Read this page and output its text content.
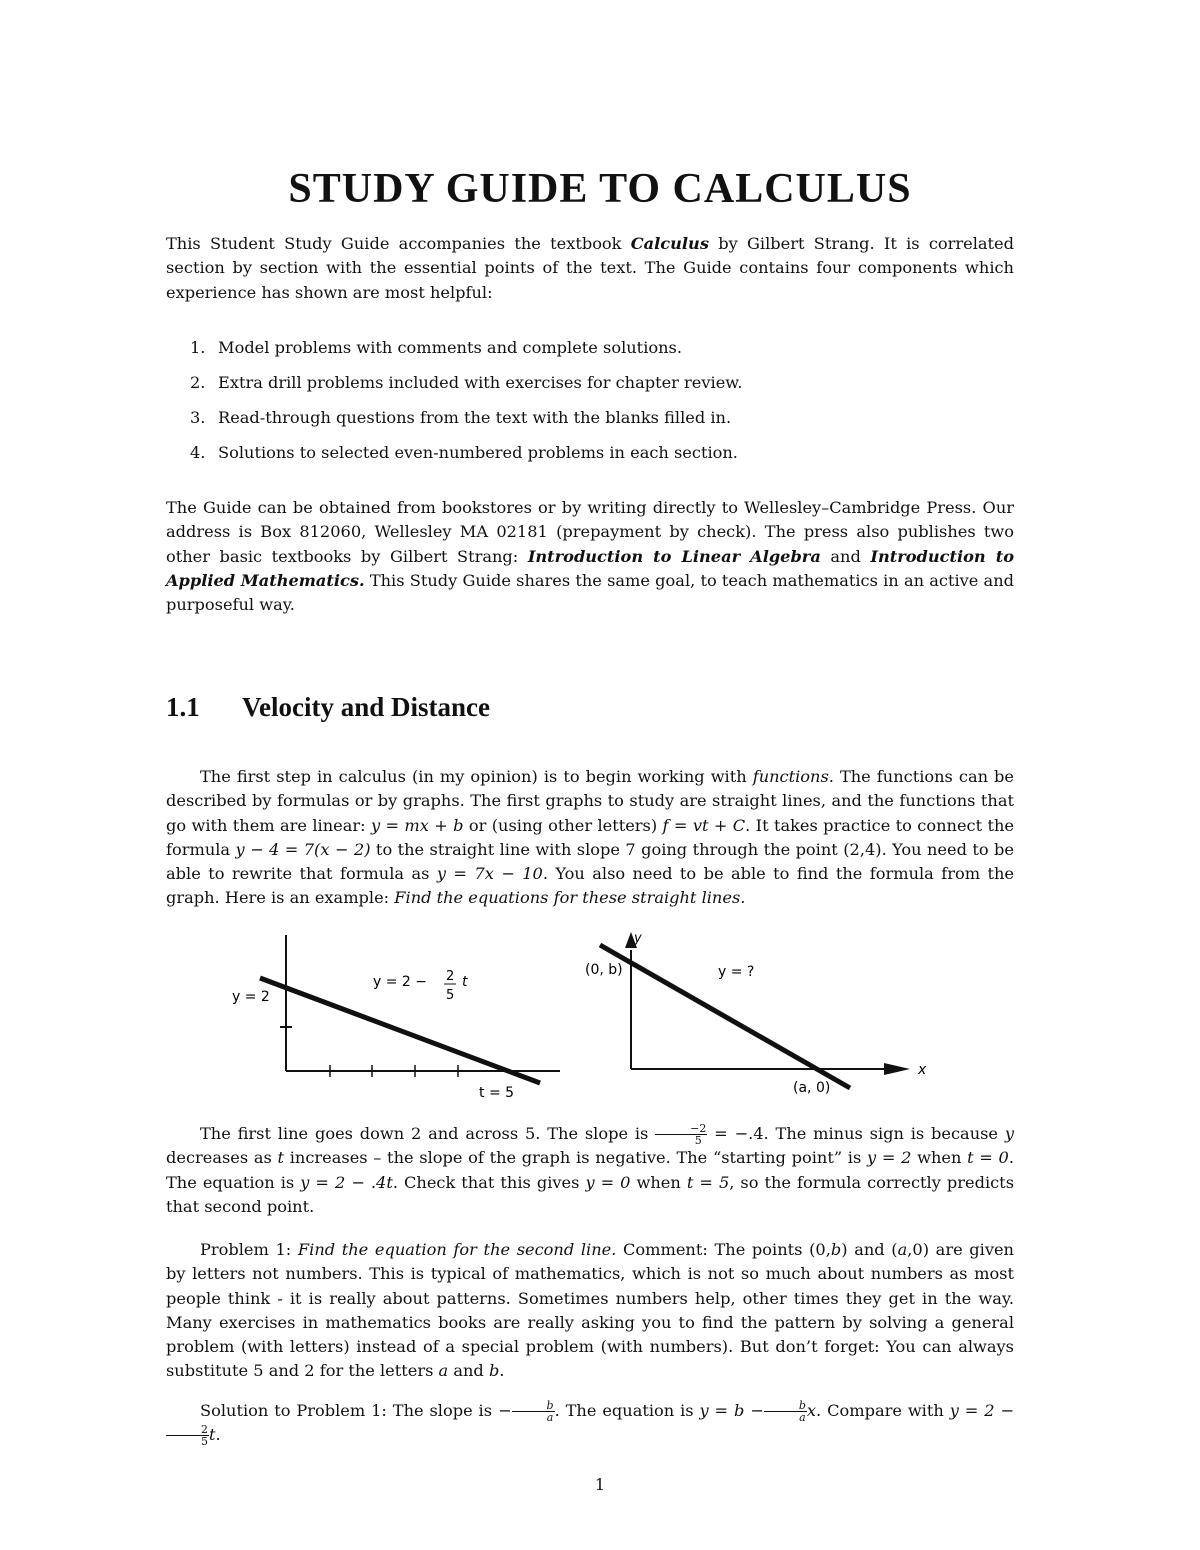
STUDY GUIDE TO CALCULUS

This Student Study Guide accompanies the textbook Calculus by Gilbert Strang. It is correlated section by section with the essential points of the text. The Guide contains four components which experience has shown are most helpful:

1. Model problems with comments and complete solutions.
2. Extra drill problems included with exercises for chapter review.
3. Read-through questions from the text with the blanks filled in.
4. Solutions to selected even-numbered problems in each section.

The Guide can be obtained from bookstores or by writing directly to Wellesley–Cambridge Press. Our address is Box 812060, Wellesley MA 02181 (prepayment by check). The press also publishes two other basic textbooks by Gilbert Strang: Introduction to Linear Algebra and Introduction to Applied Mathematics. This Study Guide shares the same goal, to teach mathematics in an active and purposeful way.

1.1 Velocity and Distance

The first step in calculus (in my opinion) is to begin working with functions. The functions can be described by formulas or by graphs. The first graphs to study are straight lines, and the functions that go with them are linear: y = mx + b or (using other letters) f = vt + C. It takes practice to connect the formula y − 4 = 7(x − 2) to the straight line with slope 7 going through the point (2,4). You need to be able to rewrite that formula as y = 7x − 10. You also need to be able to find the formula from the graph. Here is an example: Find the equations for these straight lines.

y = 2
y = 2 − 2
5
t
t = 5
y
(0, b)	y = ?
(a, 0)
x

The first line goes down 2 and across 5. The slope is $\frac{-2}{5} = -.4$. The minus sign is because y decreases as t increases – the slope of the graph is negative. The “starting point” is y = 2 when t = 0. The equation is y = 2 − .4t. Check that this gives y = 0 when t = 5, so the formula correctly predicts that second point.

Problem 1: Find the equation for the second line. Comment: The points (0,b) and (a,0) are given by letters not numbers. This is typical of mathematics, which is not so much about numbers as most people think - it is really about patterns. Sometimes numbers help, other times they get in the way. Many exercises in mathematics books are really asking you to find the pattern by solving a general problem (with letters) instead of a special problem (with numbers). But don’t forget: You can always substitute 5 and 2 for the letters a and b.

Solution to Problem 1: The slope is − $\frac{b}{a}$ . The equation is $y = b - \frac{b}{a} x$. Compare with y = 2 −
$\frac{2}{5} t$.

1
